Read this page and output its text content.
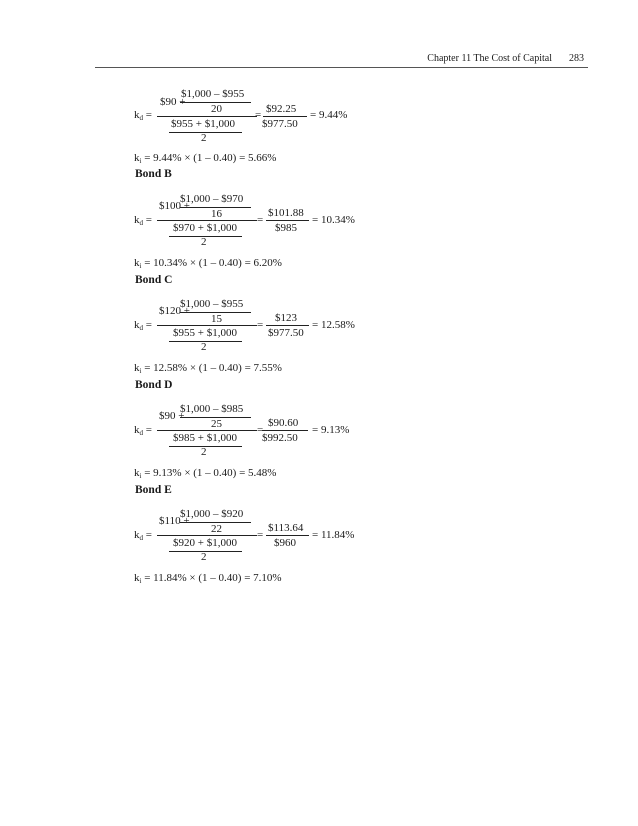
Chapter 11 The Cost of Capital 283
$1,000 – $955
$90 +
20
kd =
$955 + $1,000
2
= $92.25
$977.50
= 9.44%
ki = 9.44% × (1 – 0.40) = 5.66%
Bond B
$1,000 – $970
$100 +
16
kd =
$970 + $1,000
2
=
$101.88
$985
= 10.34%
ki = 10.34% × (1 – 0.40) = 6.20%
Bond C
$1,000 – $955
$120 +
15
kd =
$955 + $1,000
2
=
$123
$977.50
= 12.58%
ki = 12.58% × (1 – 0.40) = 7.55%
Bond D
$1,000 – $985
$90 +
25
kd =
$985 + $1,000
2
=
$90.60
$992.50
= 9.13%
ki = 9.13% × (1 – 0.40) = 5.48%
Bond E
$1,000 – $920
$110 +
22
kd =
$920 + $1,000
2
=
$113.64
$960
= 11.84%
ki = 11.84% × (1 – 0.40) = 7.10%
